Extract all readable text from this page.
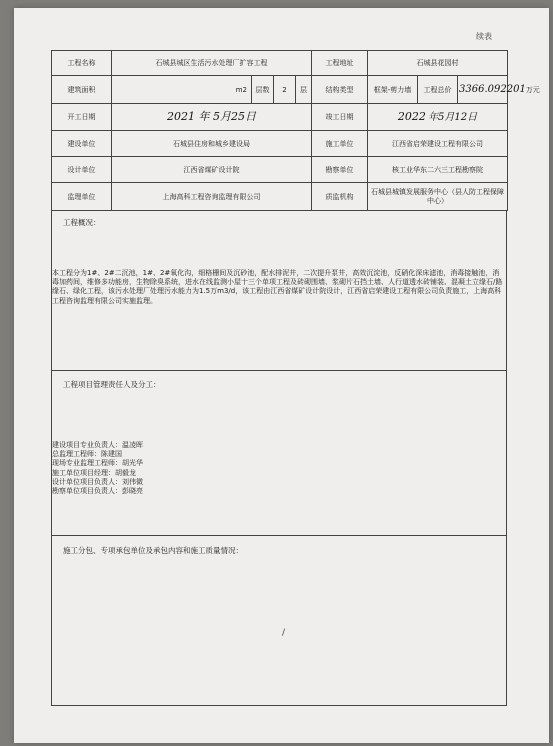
续表
工程名称	石城县城区生活污水处理厂扩容工程				工程地址	石城县花园村		
建筑面积	m2	层数	2	层	结构类型	框架-剪力墙	工程总价	3366.092201万元
开工日期	2021 年 5月25日				竣工日期	2022 年5月12日		
建设单位	石城县住房和城乡建设局				施工单位	江西省启荣建设工程有限公司		
设计单位	江西省煤矿设计院				勘察单位	核工业华东二六三工程勘察院		
监理单位	上海高科工程咨询监理有限公司				质监机构	石城县城镇发展服务中心（县人防工程保障中心）		
工程概况：
本工程分为1#、2#二沉池，1#、2#氧化沟，细格栅间及沉砂池，配水排泥井，二次提升泵井，高效沉淀池，反硝化深床滤池，消毒接触池，消毒加药间，维修多功能房，生物除臭系统，进水在线监测小屋十三个单项工程及砖砌围墙、浆砌片石挡土墙、人行道透水砖铺装、混凝土立缘石/路缘石、绿化工程，该污水处理厂处理污水能力为1.5万m3/d，该工程由江西省煤矿设计院设计，江西省启荣建设工程有限公司负责施工，上海高科工程咨询监理有限公司实施监理。
工程项目管理责任人及分工：
建设项目专业负责人：温凌晖
总监理工程师：陈建国
现场专业监理工程师：胡光华
施工单位项目经理：胡毅龙
设计单位项目负责人：刘伟微
勘察单位项目负责人：彭晓亮
施工分包、专项承包单位及承包内容和施工质量情况：
/
